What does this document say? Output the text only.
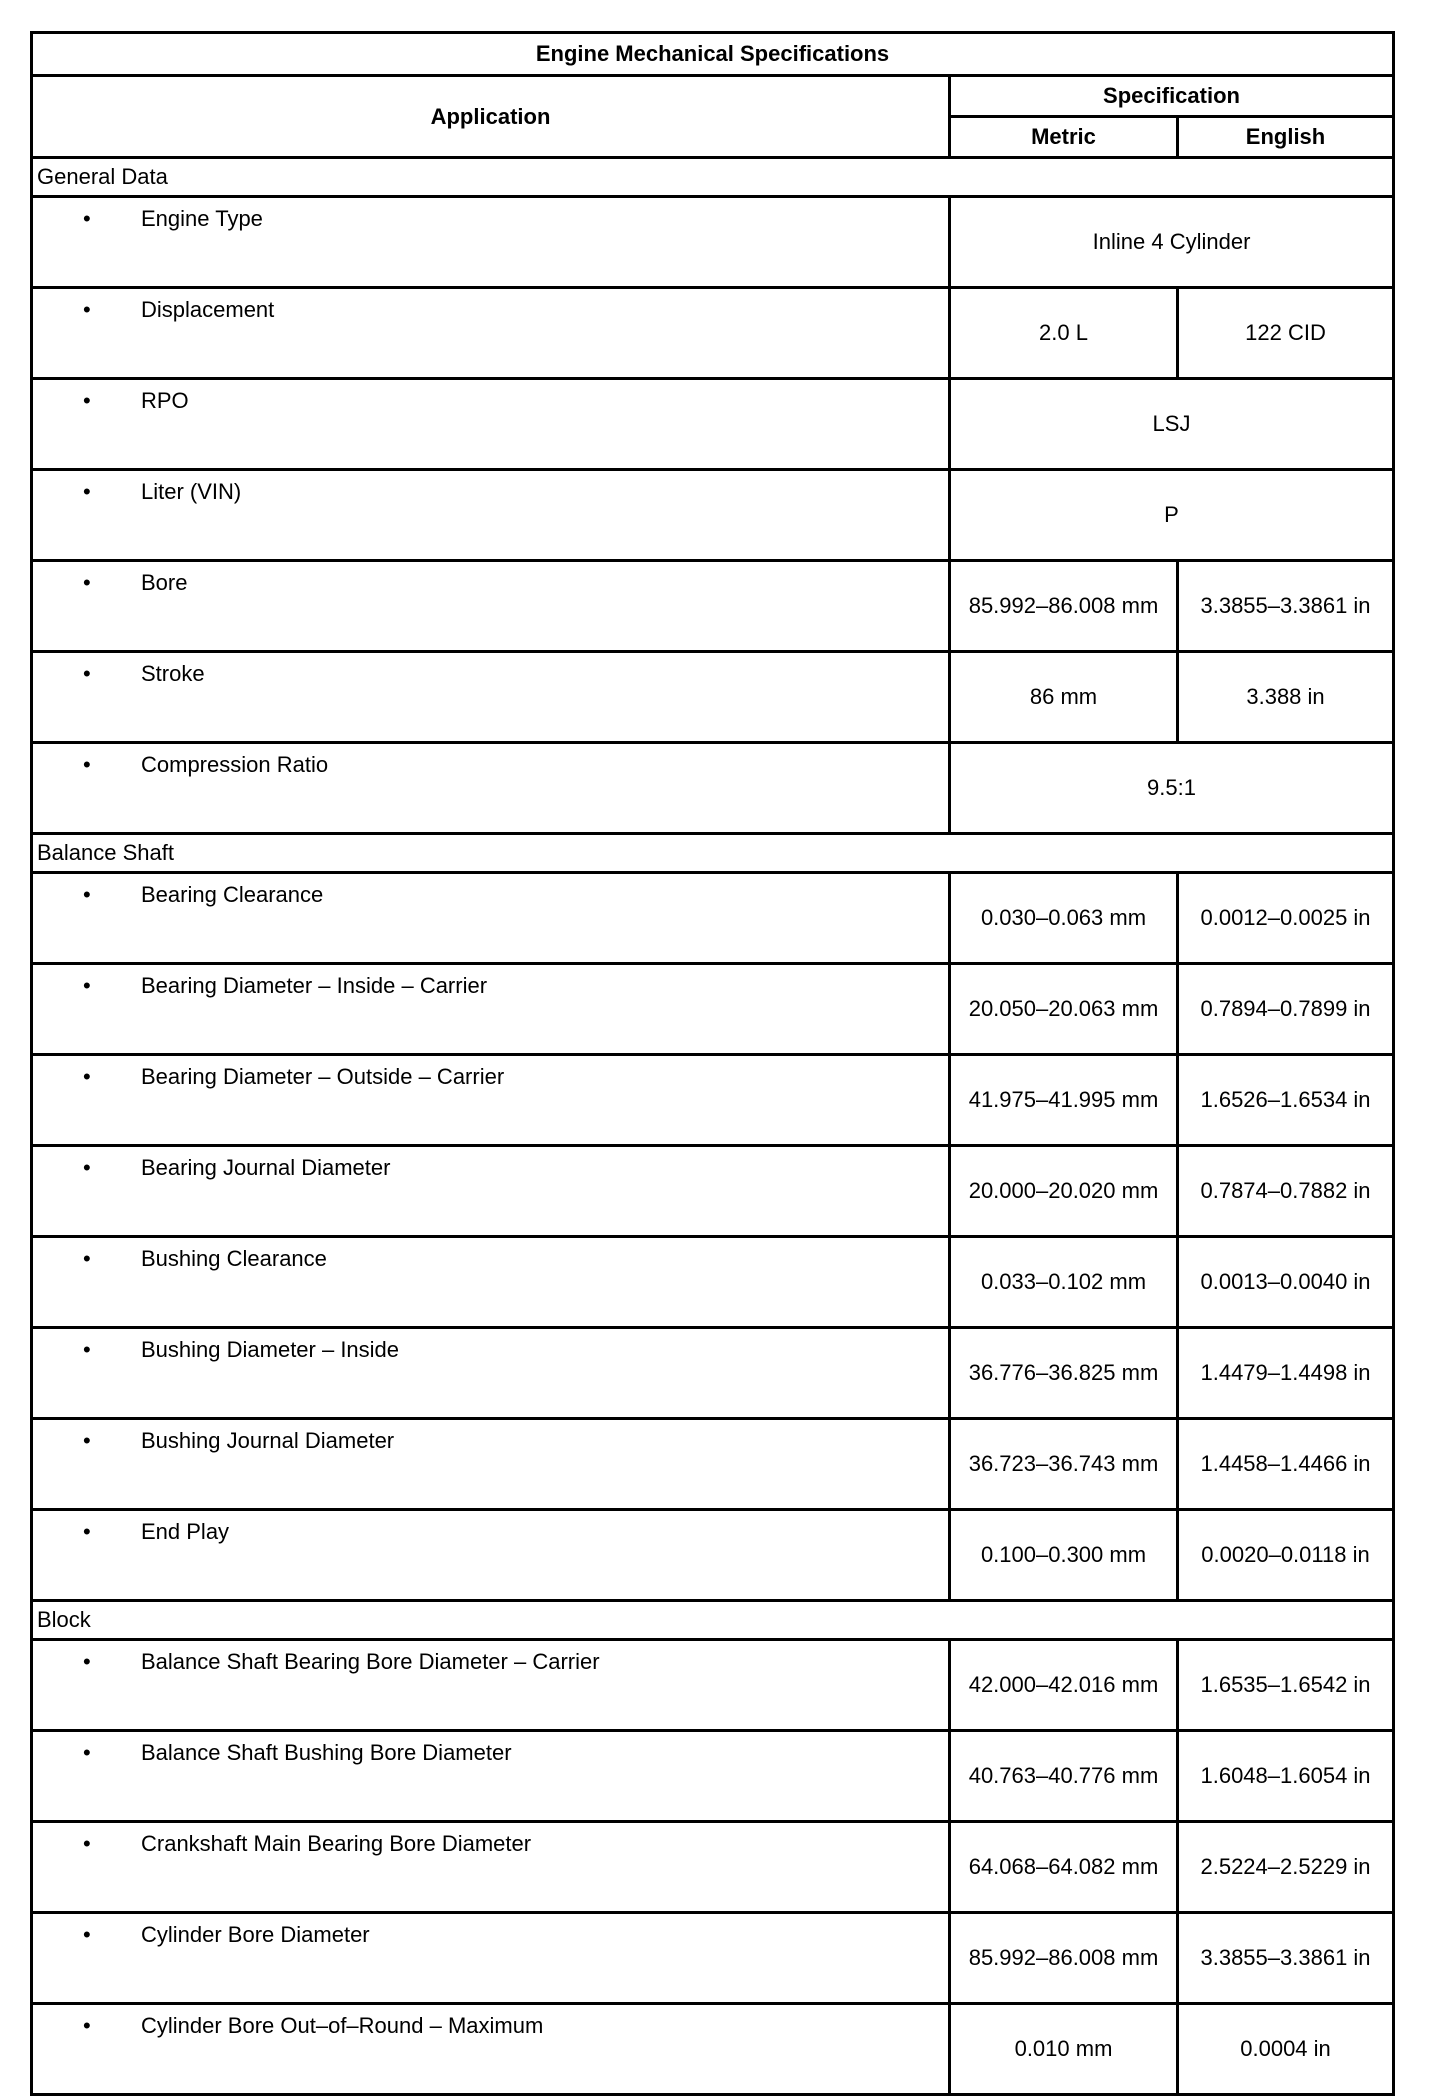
Engine Mechanical Specifications		
Application	Specification	
	Metric	English
General Data		
• Engine Type	Inline 4 Cylinder	
• Displacement	2.0 L	122 CID
• RPO	LSJ	
• Liter (VIN)	P	
• Bore	85.992–86.008 mm	3.3855–3.3861 in
• Stroke	86 mm	3.388 in
• Compression Ratio	9.5:1	
Balance Shaft		
• Bearing Clearance	0.030–0.063 mm	0.0012–0.0025 in
• Bearing Diameter – Inside – Carrier	20.050–20.063 mm	0.7894–0.7899 in
• Bearing Diameter – Outside – Carrier	41.975–41.995 mm	1.6526–1.6534 in
• Bearing Journal Diameter	20.000–20.020 mm	0.7874–0.7882 in
• Bushing Clearance	0.033–0.102 mm	0.0013–0.0040 in
• Bushing Diameter – Inside	36.776–36.825 mm	1.4479–1.4498 in
• Bushing Journal Diameter	36.723–36.743 mm	1.4458–1.4466 in
• End Play	0.100–0.300 mm	0.0020–0.0118 in
Block		
• Balance Shaft Bearing Bore Diameter – Carrier	42.000–42.016 mm	1.6535–1.6542 in
• Balance Shaft Bushing Bore Diameter	40.763–40.776 mm	1.6048–1.6054 in
• Crankshaft Main Bearing Bore Diameter	64.068–64.082 mm	2.5224–2.5229 in
• Cylinder Bore Diameter	85.992–86.008 mm	3.3855–3.3861 in
• Cylinder Bore Out–of–Round – Maximum	0.010 mm	0.0004 in
